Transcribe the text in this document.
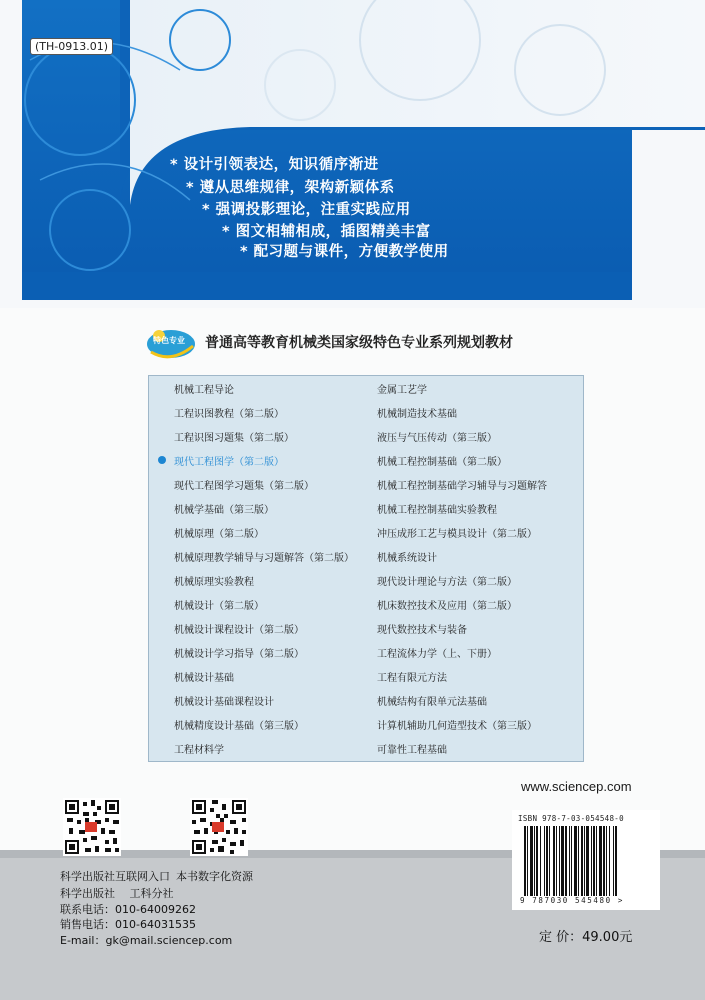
(TH-0913.01)
* 设计引领表达，知识循序渐进
* 遵从思维规律，架构新颖体系
* 强调投影理论，注重实践应用
* 图文相辅相成，插图精美丰富
* 配习题与课件，方便教学使用
特色专业 普通高等教育机械类国家级特色专业系列规划教材
机械工程导论	金属工艺学
工程识图教程（第二版）	机械制造技术基础
工程识图习题集（第二版）	液压与气压传动（第三版）
现代工程图学（第二版）	机械工程控制基础（第二版）
现代工程图学习题集（第二版）	机械工程控制基础学习辅导与习题解答
机械学基础（第三版）	机械工程控制基础实验教程
机械原理（第二版）	冲压成形工艺与模具设计（第二版）
机械原理教学辅导与习题解答（第二版） 机械系统设计
机械原理实验教程	现代设计理论与方法（第二版）
机械设计（第二版）	机床数控技术及应用（第二版）
机械设计课程设计（第二版）	现代数控技术与装备
机械设计学习指导（第二版）	工程流体力学（上、下册）
机械设计基础	工程有限元方法
机械设计基础课程设计	机械结构有限单元法基础
机械精度设计基础（第三版）	计算机辅助几何造型技术（第三版）
工程材料学	可靠性工程基础
www.sciencep.com
科学出版社互联网入口 本书数字化资源
科学出版社　 工科分社
联系电话：010-64009262
销售电话：010-64031535
E-mail：gk@mail.sciencep.com
ISBN 978-7-03-054548-0
9 787030 545480 >
定 价：49.00元
